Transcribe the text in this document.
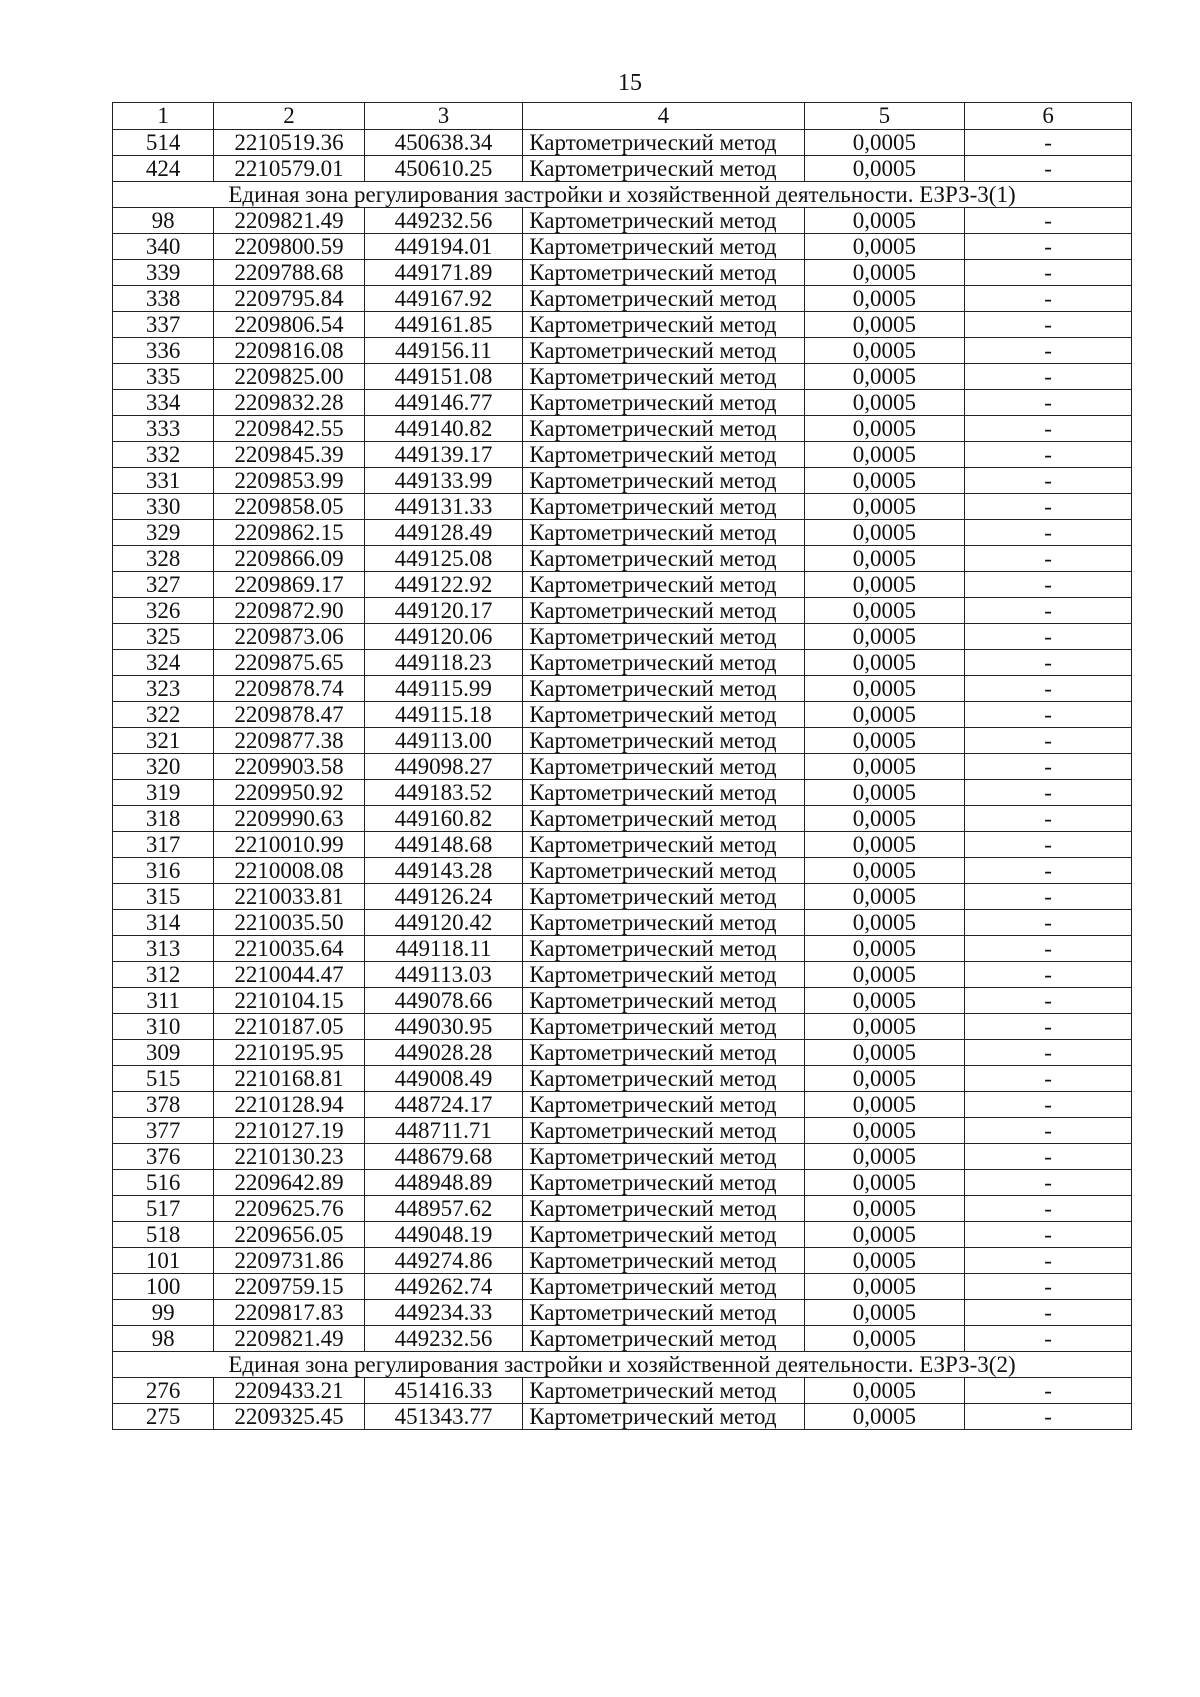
15
1	2	3	4	5	6
514	2210519.36	450638.34	Картометрический метод	0,0005	-
424	2210579.01	450610.25	Картометрический метод	0,0005	-
Единая зона регулирования застройки и хозяйственной деятельности. ЕЗРЗ-3(1)					
98	2209821.49	449232.56	Картометрический метод	0,0005	-
340	2209800.59	449194.01	Картометрический метод	0,0005	-
339	2209788.68	449171.89	Картометрический метод	0,0005	-
338	2209795.84	449167.92	Картометрический метод	0,0005	-
337	2209806.54	449161.85	Картометрический метод	0,0005	-
336	2209816.08	449156.11	Картометрический метод	0,0005	-
335	2209825.00	449151.08	Картометрический метод	0,0005	-
334	2209832.28	449146.77	Картометрический метод	0,0005	-
333	2209842.55	449140.82	Картометрический метод	0,0005	-
332	2209845.39	449139.17	Картометрический метод	0,0005	-
331	2209853.99	449133.99	Картометрический метод	0,0005	-
330	2209858.05	449131.33	Картометрический метод	0,0005	-
329	2209862.15	449128.49	Картометрический метод	0,0005	-
328	2209866.09	449125.08	Картометрический метод	0,0005	-
327	2209869.17	449122.92	Картометрический метод	0,0005	-
326	2209872.90	449120.17	Картометрический метод	0,0005	-
325	2209873.06	449120.06	Картометрический метод	0,0005	-
324	2209875.65	449118.23	Картометрический метод	0,0005	-
323	2209878.74	449115.99	Картометрический метод	0,0005	-
322	2209878.47	449115.18	Картометрический метод	0,0005	-
321	2209877.38	449113.00	Картометрический метод	0,0005	-
320	2209903.58	449098.27	Картометрический метод	0,0005	-
319	2209950.92	449183.52	Картометрический метод	0,0005	-
318	2209990.63	449160.82	Картометрический метод	0,0005	-
317	2210010.99	449148.68	Картометрический метод	0,0005	-
316	2210008.08	449143.28	Картометрический метод	0,0005	-
315	2210033.81	449126.24	Картометрический метод	0,0005	-
314	2210035.50	449120.42	Картометрический метод	0,0005	-
313	2210035.64	449118.11	Картометрический метод	0,0005	-
312	2210044.47	449113.03	Картометрический метод	0,0005	-
311	2210104.15	449078.66	Картометрический метод	0,0005	-
310	2210187.05	449030.95	Картометрический метод	0,0005	-
309	2210195.95	449028.28	Картометрический метод	0,0005	-
515	2210168.81	449008.49	Картометрический метод	0,0005	-
378	2210128.94	448724.17	Картометрический метод	0,0005	-
377	2210127.19	448711.71	Картометрический метод	0,0005	-
376	2210130.23	448679.68	Картометрический метод	0,0005	-
516	2209642.89	448948.89	Картометрический метод	0,0005	-
517	2209625.76	448957.62	Картометрический метод	0,0005	-
518	2209656.05	449048.19	Картометрический метод	0,0005	-
101	2209731.86	449274.86	Картометрический метод	0,0005	-
100	2209759.15	449262.74	Картометрический метод	0,0005	-
99	2209817.83	449234.33	Картометрический метод	0,0005	-
98	2209821.49	449232.56	Картометрический метод	0,0005	-
Единая зона регулирования застройки и хозяйственной деятельности. ЕЗРЗ-3(2)					
276	2209433.21	451416.33	Картометрический метод	0,0005	-
275	2209325.45	451343.77	Картометрический метод	0,0005	-
